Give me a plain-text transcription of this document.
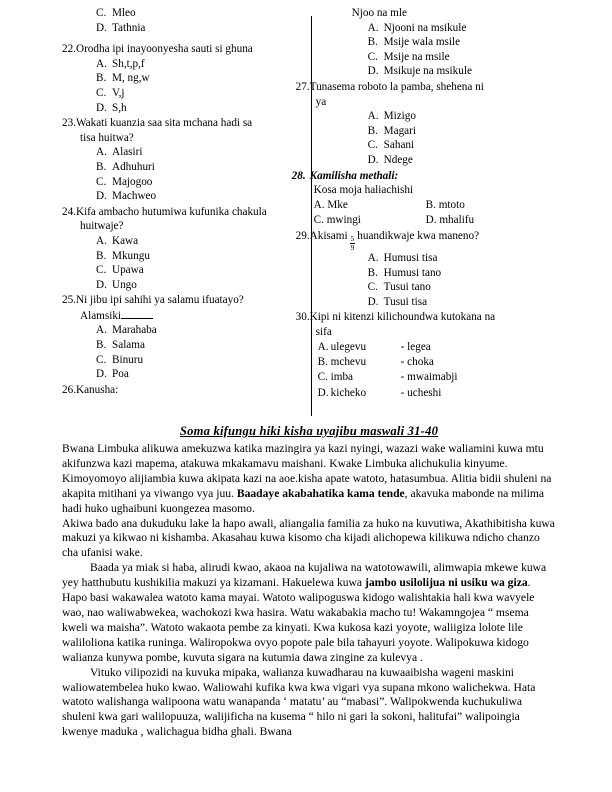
C. Mleo
D. Tathnia
22. Orodha ipi inayoonyesha sauti si ghuna
A. Sh,t,p,f
B. M, ng,w
C. V,j
D. S,h
23. Wakati kuanzia saa sita mchana hadi sa
tisa huitwa?
A. Alasiri
B. Adhuhuri
C. Majogoo
D. Machweo
24. Kifa ambacho hutumiwa kufunika chakula
huitwaje?
A. Kawa
B. Mkungu
C. Upawa
D. Ungo
25. Ni jibu ipi sahihi ya salamu ifuatayo?
Alamsiki
A. Marahaba
B. Salama
C. Binuru
D. Poa
26. Kanusha:
Njoo na mle
A. Njooni na msikule
B. Msije wala msile
C. Msije na msile
D. Msikuje na msikule
27. Tunasema roboto la pamba, shehena ni
ya
A. Mizigo
B. Magari
C. Sahani
D. Ndege
28. Kamilisha methali:
Kosa moja haliachishi
A. Mke	B. mtoto
C. mwingi	D. mhalifu
29. Akisami $\frac{5}{9}$ huandikwaje kwa maneno?
A. Humusi tisa
B. Humusi tano
C. Tusui tano
D. Tusui tisa
30. Kipi ni kitenzi kilichoundwa kutokana na
sifa
A. ulegevu	- legea
B. mchevu	- choka
C. imba	- mwaimabji
D. kicheko	- ucheshi
Soma kifungu hiki kisha uyajibu maswali 31-40

Bwana Limbuka alikuwa amekuzwa katika mazingira ya kazi nyingi, wazazi wake waliamini kuwa mtu akifunzwa kazi mapema, atakuwa mkakamavu maishani. Kwake Limbuka alichukulia kinyume. Kimoyomoyo alijiambia kuwa akipata kazi na aoe.kisha apate watoto, hatasumbua. Alitia bidii shuleni na akapita mitihani ya viwango vya juu. Baadaye akabahatika kama tende, akavuka mabonde na milima hadi huko ughaibuni kuongezea masomo.

Akiwa bado ana dukuduku lake la hapo awali, aliangalia familia za huko na kuvutiwa, Akathibitisha kuwa makuzi ya kikwao ni kishamba. Akasahau kuwa kisomo cha kijadi alichopewa kilikuwa ndicho chanzo cha ufanisi wake.

Baada ya miak si haba, alirudi kwao, akaoa na kujaliwa na watotowawili, alimwapia mkewe kuwa yey hatthubutu kushikilia makuzi ya kizamani. Hakuelewa kuwa jambo usilolijua ni usiku wa giza. Hapo basi wakawalea watoto kama mayai. Watoto walipoguswa kidogo walishtakia hali kwa wavyele wao, nao waliwabwekea, wachokozi kwa hasira. Watu wakabakia macho tu! Wakamngojea “ msema kweli wa maisha”. Watoto wakaota pembe za kinyati. Kwa kukosa kazi yoyote, waliigiza lolote lile waliloliona katika runinga. Waliropokwa ovyo popote pale bila tahayuri yoyote. Walipokuwa kidogo walianza kunywa pombe, kuvuta sigara na kutumia dawa zingine za kulevya .

Vituko vilipozidi na kuvuka mipaka, walianza kuwadharau na kuwaaibisha wageni maskini waliowatembelea huko kwao. Waliowahi kufika kwa kwa vigari vya supana mkono walichekwa. Hata watoto walishanga walipoona watu wanapanda ‘ matatu’ au “mabasi”. Walipokwenda kuchukuliwa shuleni kwa gari walilopuuza, walijificha na kusema “ hilo ni gari la sokoni, halitufai” walipoingia kwenye maduka , walichagua bidha ghali. Bwana
